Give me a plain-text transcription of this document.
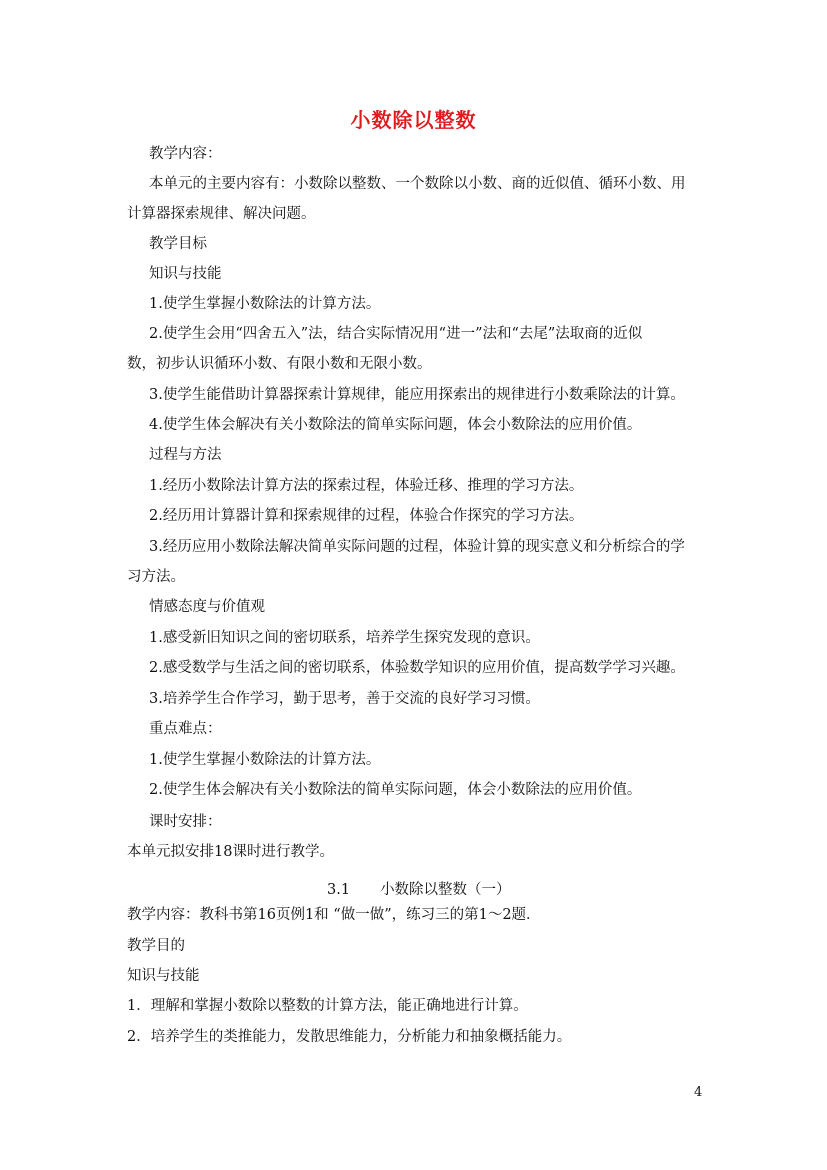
小数除以整数
教学内容：
本单元的主要内容有：小数除以整数、一个数除以小数、商的近似值、循环小数、用
计算器探索规律、解决问题。
教学目标
知识与技能
1.使学生掌握小数除法的计算方法。
2.使学生会用“四舍五入”法，结合实际情况用“进一”法和“去尾”法取商的近似
数，初步认识循环小数、有限小数和无限小数。
3.使学生能借助计算器探索计算规律，能应用探索出的规律进行小数乘除法的计算。
4.使学生体会解决有关小数除法的简单实际问题，体会小数除法的应用价值。
过程与方法
1.经历小数除法计算方法的探索过程，体验迁移、推理的学习方法。
2.经历用计算器计算和探索规律的过程，体验合作探究的学习方法。
3.经历应用小数除法解决简单实际问题的过程，体验计算的现实意义和分析综合的学
习方法。
情感态度与价值观
1.感受新旧知识之间的密切联系，培养学生探究发现的意识。
2.感受数学与生活之间的密切联系，体验数学知识的应用价值，提高数学学习兴趣。
3.培养学生合作学习，勤于思考，善于交流的良好学习习惯。
重点难点：
1.使学生掌握小数除法的计算方法。
2.使学生体会解决有关小数除法的简单实际问题，体会小数除法的应用价值。
课时安排：
本单元拟安排18课时进行教学。
3.1 小数除以整数（一）
教学内容：教科书第16页例1和 “做一做”，练习三的第1～2题．
教学目的
知识与技能
1．理解和掌握小数除以整数的计算方法，能正确地进行计算。
2．培养学生的类推能力，发散思维能力，分析能力和抽象概括能力。
4
